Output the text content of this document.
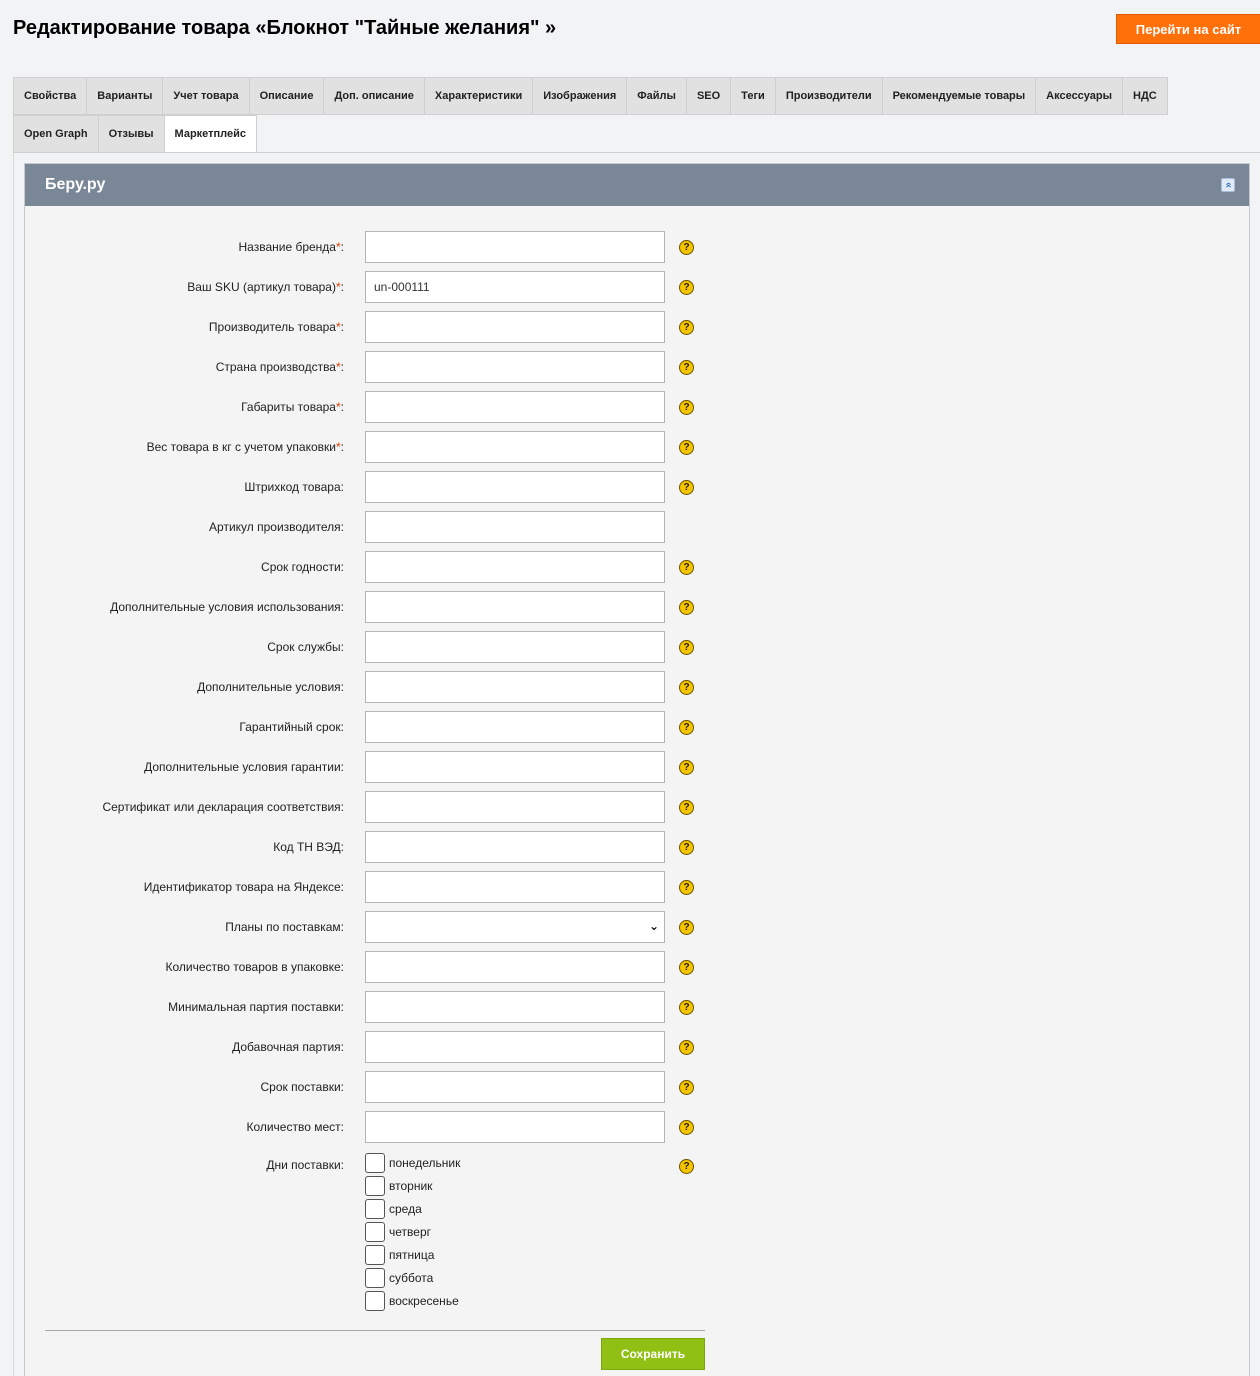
Редактирование товара «Блокнот "Тайные желания" »	Перейти на сайт
Свойства	Варианты	Учет товара	Описание	Доп. описание	Характеристики	Изображения	Файлы	SEO	Теги	Производители	Рекомендуемые товары	Аксессуары	НДС
Open Graph	Отзывы	Маркетплейс
Беру.ру	«
Название бренда*:	?
Ваш SKU (артикул товара)*:
un-000111	?
Производитель товара*:	?
Страна производства*:	?
Габариты товара*:	?
Вес товара в кг с учетом упаковки*:	?
Штрихкод товара:	?
Артикул производителя:
Срок годности:	?
Дополнительные условия использования:	?
Срок службы:	?
Дополнительные условия:	?
Гарантийный срок:	?
Дополнительные условия гарантии:	?
Сертификат или декларация соответствия:	?
Код ТН ВЭД:	?
Идентификатор товара на Яндексе:	?
Планы по поставкам:	⌄	?
Количество товаров в упаковке:	?
Минимальная партия поставки:	?
Добавочная партия:	?
Срок поставки:	?
Количество мест:	?
Дни поставки:	понедельник
вторник
среда
четверг
пятница
суббота
воскресенье
?
Сохранить
